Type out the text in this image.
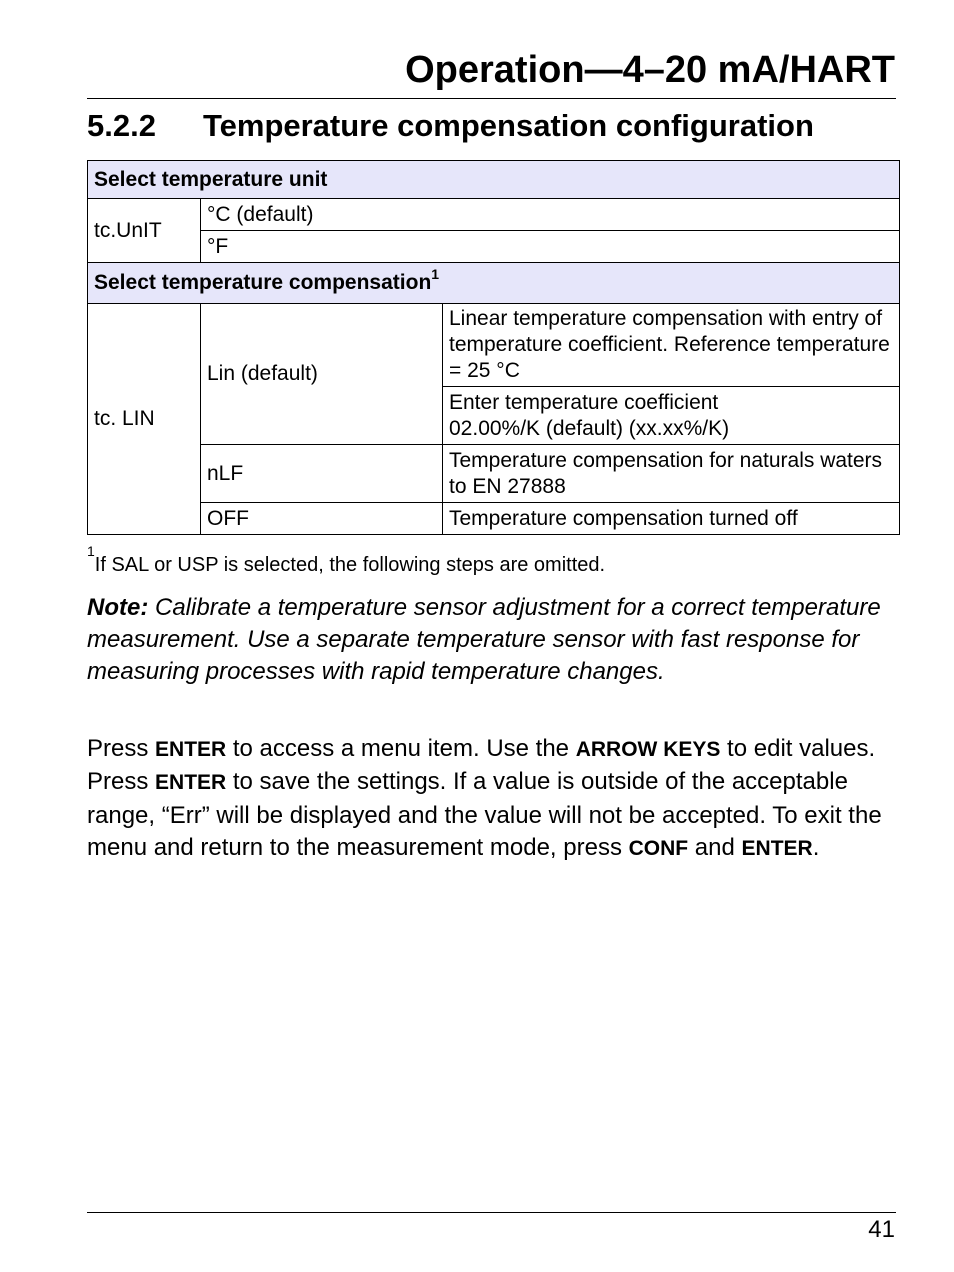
Operation—4–20 mA/HART
5.2.2 Temperature compensation configuration
Select temperature unit		
tc.UnIT	°C (default)	
	°F	
Select temperature compensation$^1$
tc. LIN	Lin (default)	Linear temperature compensation with entry of temperature coefficient. Reference temperature = 25 °C

		Enter temperature coefficient
02.00%/K (default) (xx.xx%/K)

	nLF	Temperature compensation for naturals waters to EN 27888
	OFF	Temperature compensation turned off
$^1$If SAL or USP is selected, the following steps are omitted.
Note: Calibrate a temperature sensor adjustment for a correct temperature measurement. Use a separate temperature sensor with fast response for measuring processes with rapid temperature changes.
Press ENTER to access a menu item. Use the ARROW KEYS to edit values. Press ENTER to save the settings. If a value is outside of the acceptable range, “Err” will be displayed and the value will not be accepted. To exit the menu and return to the measurement mode, press CONF and ENTER.
41
